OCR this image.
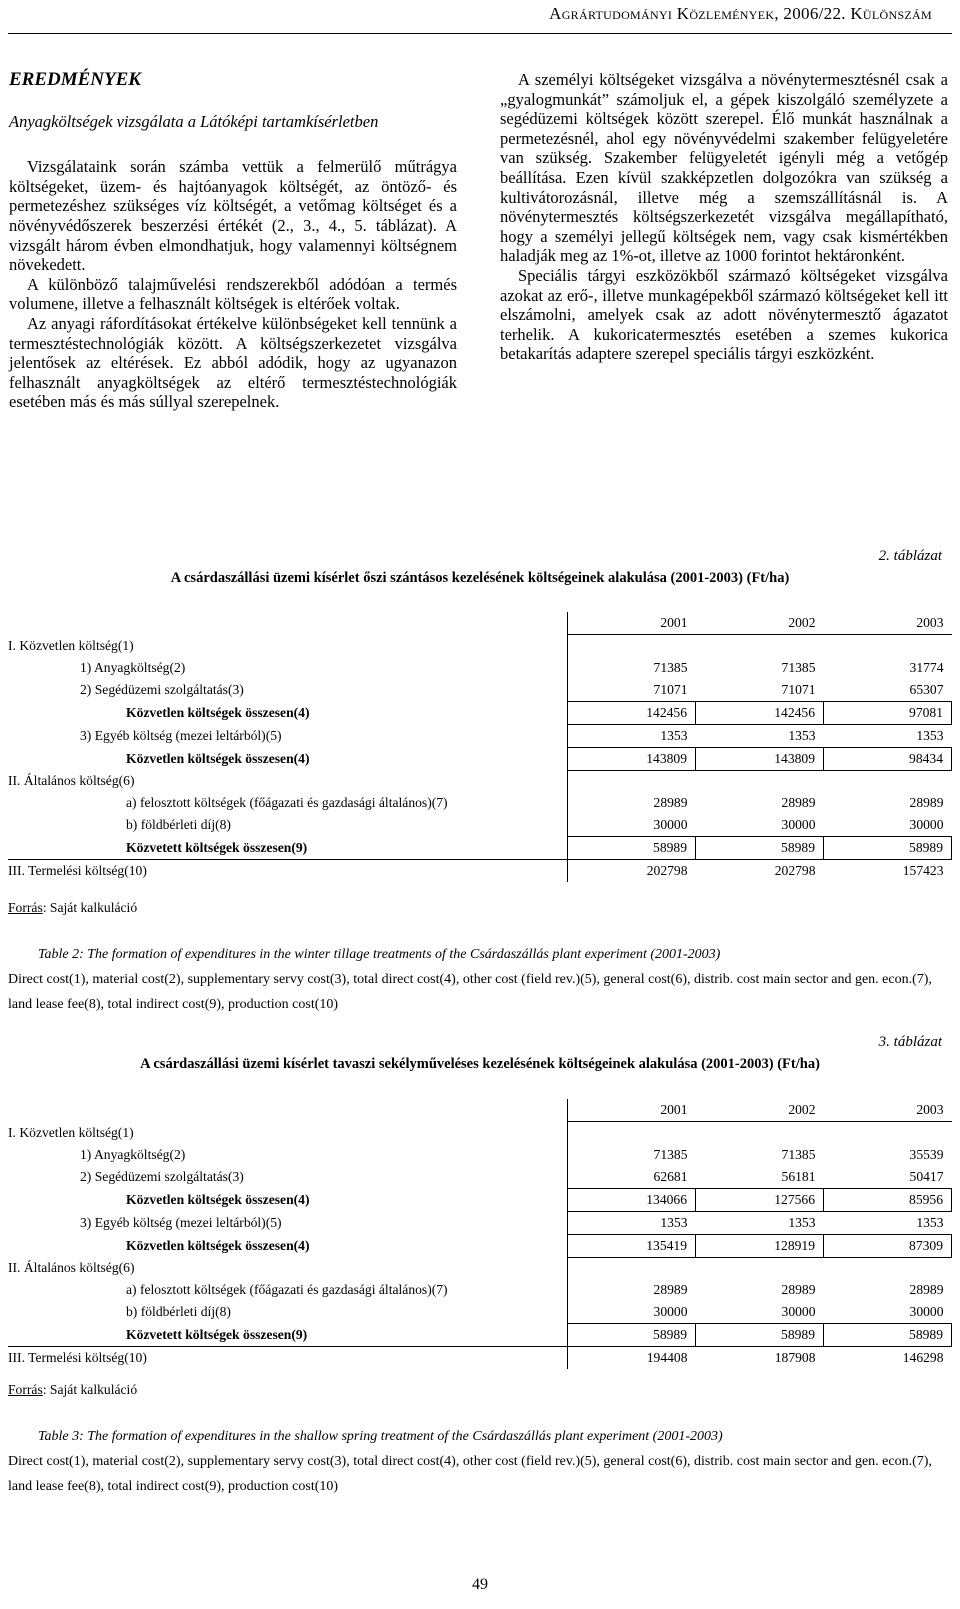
Agrártudományi Közlemények, 2006/22. Különszám
EREDMÉNYEK
Anyagköltségek vizsgálata a Látóképi tartamkísérletben

Vizsgálataink során számba vettük a felmerülő műtrágya költségeket, üzem- és hajtóanyagok költségét, az öntöző- és permetezéshez szükséges víz költségét, a vetőmag költséget és a növényvédőszerek beszerzési értékét (2., 3., 4., 5. táblázat). A vizsgált három évben elmondhatjuk, hogy valamennyi költségnem növekedett.

A különböző talajművelési rendszerekből adódóan a termés volumene, illetve a felhasznált költségek is eltérőek voltak.

Az anyagi ráfordításokat értékelve különbségeket kell tennünk a termesztéstechnológiák között. A költségszerkezetet vizsgálva jelentősek az eltérések. Ez abból adódik, hogy az ugyanazon felhasznált anyagköltségek az eltérő termesztéstechnológiák esetében más és más súllyal szerepelnek.

A személyi költségeket vizsgálva a növénytermesztésnél csak a „gyalogmunkát” számoljuk el, a gépek kiszolgáló személyzete a segédüzemi költségek között szerepel. Élő munkát használnak a permetezésnél, ahol egy növényvédelmi szakember felügyeletére van szükség. Szakember felügyeletét igényli még a vetőgép beállítása. Ezen kívül szakképzetlen dolgozókra van szükség a kultivátorozásnál, illetve még a szemszállításnál is. A növénytermesztés költségszerkezetét vizsgálva megállapítható, hogy a személyi jellegű költségek nem, vagy csak kismértékben haladják meg az 1%-ot, illetve az 1000 forintot hektáronként.

Speciális tárgyi eszközökből származó költségeket vizsgálva azokat az erő-, illetve munkagépekből származó költségeket kell itt elszámolni, amelyek csak az adott növénytermesztő ágazatot terhelik. A kukoricatermesztés esetében a szemes kukorica betakarítás adaptere szerepel speciális tárgyi eszközként.

2. táblázat
A csárdaszállási üzemi kísérlet őszi szántásos kezelésének költségeinek alakulása (2001-2003) (Ft/ha)
	2001	2002	2003
I. Közvetlen költség(1)			
1) Anyagköltség(2)	71385	71385	31774
2) Segédüzemi szolgáltatás(3)	71071	71071	65307
Közvetlen költségek összesen(4)	142456	142456	97081
3) Egyéb költség (mezei leltárból)(5)	1353	1353	1353
Közvetlen költségek összesen(4)	143809	143809	98434
II. Általános költség(6)			
a) felosztott költségek (főágazati és gazdasági általános)(7)	28989	28989	28989
b) földbérleti díj(8)	30000	30000	30000
Közvetett költségek összesen(9)	58989	58989	58989
III. Termelési költség(10)	202798	202798	157423
Forrás: Saját kalkuláció
Table 2: The formation of expenditures in the winter tillage treatments of the Csárdaszállás plant experiment (2001-2003)
Direct cost(1), material cost(2), supplementary servy cost(3), total direct cost(4), other cost (field rev.)(5), general cost(6), distrib. cost main sector and gen. econ.(7), land lease fee(8), total indirect cost(9), production cost(10)
3. táblázat
A csárdaszállási üzemi kísérlet tavaszi sekélyműveléses kezelésének költségeinek alakulása (2001-2003) (Ft/ha)
	2001	2002	2003
I. Közvetlen költség(1)			
1) Anyagköltség(2)	71385	71385	35539
2) Segédüzemi szolgáltatás(3)	62681	56181	50417
Közvetlen költségek összesen(4)	134066	127566	85956
3) Egyéb költség (mezei leltárból)(5)	1353	1353	1353
Közvetlen költségek összesen(4)	135419	128919	87309
II. Általános költség(6)			
a) felosztott költségek (főágazati és gazdasági általános)(7)	28989	28989	28989
b) földbérleti díj(8)	30000	30000	30000
Közvetett költségek összesen(9)	58989	58989	58989
III. Termelési költség(10)	194408	187908	146298
Forrás: Saját kalkuláció
Table 3: The formation of expenditures in the shallow spring treatment of the Csárdaszállás plant experiment (2001-2003)
Direct cost(1), material cost(2), supplementary servy cost(3), total direct cost(4), other cost (field rev.)(5), general cost(6), distrib. cost main sector and gen. econ.(7), land lease fee(8), total indirect cost(9), production cost(10)
49
